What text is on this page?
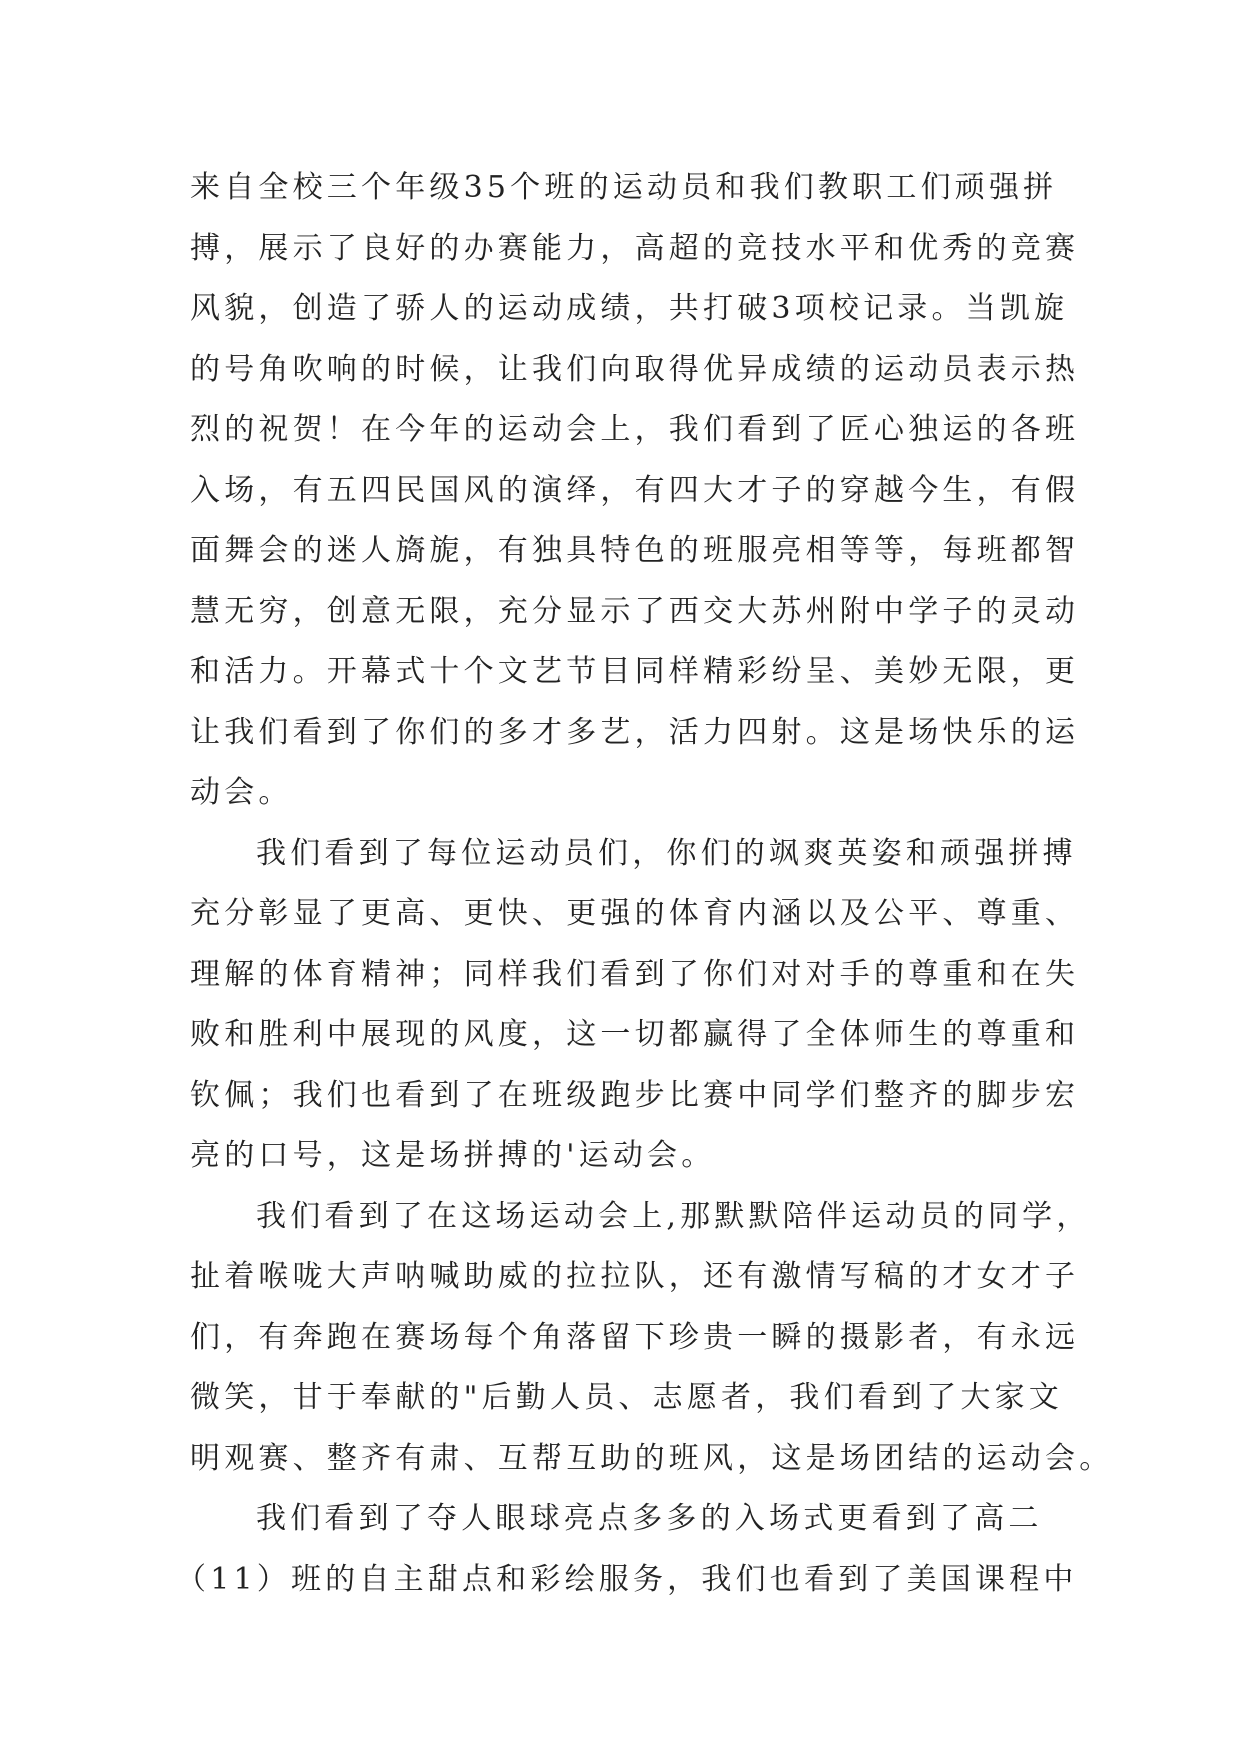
来自全校三个年级35个班的运动员和我们教职工们顽强拼
搏，展示了良好的办赛能力，高超的竞技水平和优秀的竞赛
风貌，创造了骄人的运动成绩，共打破3项校记录。当凯旋
的号角吹响的时候，让我们向取得优异成绩的运动员表示热
烈的祝贺！在今年的运动会上，我们看到了匠心独运的各班
入场，有五四民国风的演绎，有四大才子的穿越今生，有假
面舞会的迷人旖旎，有独具特色的班服亮相等等，每班都智
慧无穷，创意无限，充分显示了西交大苏州附中学子的灵动
和活力。开幕式十个文艺节目同样精彩纷呈、美妙无限，更
让我们看到了你们的多才多艺，活力四射。这是场快乐的运
动会。
我们看到了每位运动员们，你们的飒爽英姿和顽强拼搏
充分彰显了更高、更快、更强的体育内涵以及公平、尊重、
理解的体育精神；同样我们看到了你们对对手的尊重和在失
败和胜利中展现的风度，这一切都赢得了全体师生的尊重和
钦佩；我们也看到了在班级跑步比赛中同学们整齐的脚步宏
亮的口号，这是场拼搏的'运动会。
我们看到了在这场运动会上,那默默陪伴运动员的同学，
扯着喉咙大声呐喊助威的拉拉队，还有激情写稿的才女才子
们，有奔跑在赛场每个角落留下珍贵一瞬的摄影者，有永远
微笑，甘于奉献的"后勤人员、志愿者，我们看到了大家文
明观赛、整齐有肃、互帮互助的班风，这是场团结的运动会。
我们看到了夺人眼球亮点多多的入场式更看到了高二
（11）班的自主甜点和彩绘服务，我们也看到了美国课程中
